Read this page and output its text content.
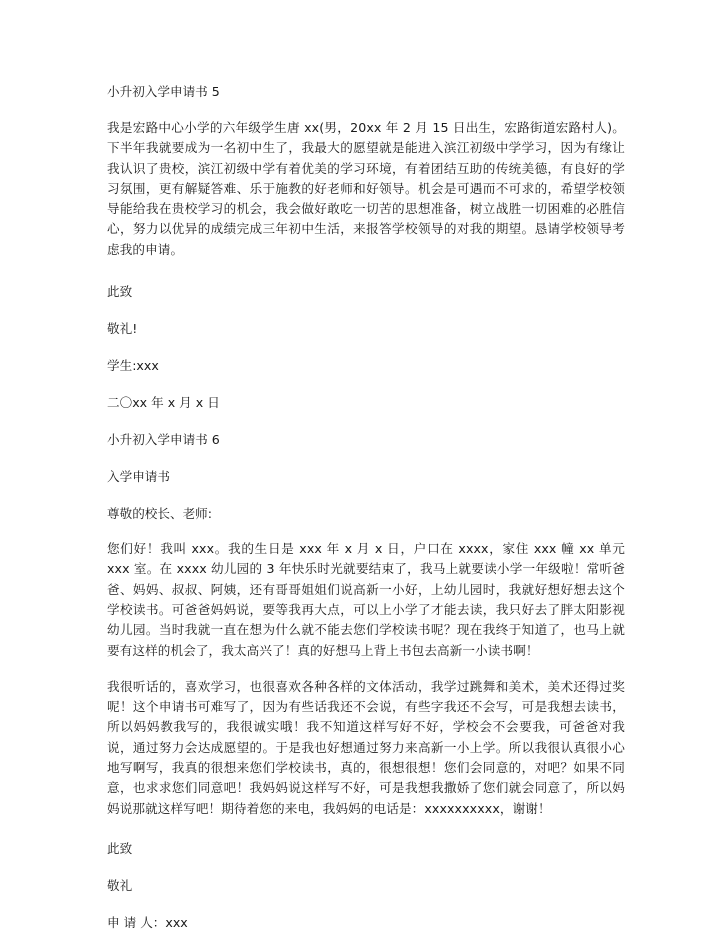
小升初入学申请书 5

我是宏路中心小学的六年级学生唐 xx(男，20xx 年 2 月 15 日出生，宏路街道宏路村人)。下半年我就要成为一名初中生了，我最大的愿望就是能进入滨江初级中学学习，因为有缘让我认识了贵校，滨江初级中学有着优美的学习环境，有着团结互助的传统美德，有良好的学习氛围，更有解疑答难、乐于施教的好老师和好领导。机会是可遇而不可求的，希望学校领导能给我在贵校学习的机会，我会做好敢吃一切苦的思想准备，树立战胜一切困难的必胜信心，努力以优异的成绩完成三年初中生活，来报答学校领导的对我的期望。恳请学校领导考虑我的申请。

此致

敬礼!

学生:xxx

二〇xx 年 x 月 x 日

小升初入学申请书 6

入学申请书

尊敬的校长、老师:

您们好！我叫 xxx。我的生日是 xxx 年 x 月 x 日，户口在 xxxx，家住 xxx 幢 xx 单元 xxx 室。在 xxxx 幼儿园的 3 年快乐时光就要结束了，我马上就要读小学一年级啦！常听爸爸、妈妈、叔叔、阿姨，还有哥哥姐姐们说高新一小好，上幼儿园时，我就好想好想去这个学校读书。可爸爸妈妈说，要等我再大点，可以上小学了才能去读，我只好去了胖太阳影视幼儿园。当时我就一直在想为什么就不能去您们学校读书呢？现在我终于知道了，也马上就要有这样的机会了，我太高兴了！真的好想马上背上书包去高新一小读书啊！

我很听话的，喜欢学习，也很喜欢各种各样的文体活动，我学过跳舞和美术，美术还得过奖呢！这个申请书可难写了，因为有些话我还不会说，有些字我还不会写，可是我想去读书，所以妈妈教我写的，我很诚实哦！我不知道这样写好不好，学校会不会要我，可爸爸对我说，通过努力会达成愿望的。于是我也好想通过努力来高新一小上学。所以我很认真很小心地写啊写，我真的很想来您们学校读书，真的，很想很想！您们会同意的，对吧？如果不同意，也求求您们同意吧！我妈妈说这样写不好，可是我想我撒娇了您们就会同意了，所以妈妈说那就这样写吧！期待着您的来电，我妈妈的电话是：xxxxxxxxxx，谢谢！

此致

敬礼

申 请 人：xxx
